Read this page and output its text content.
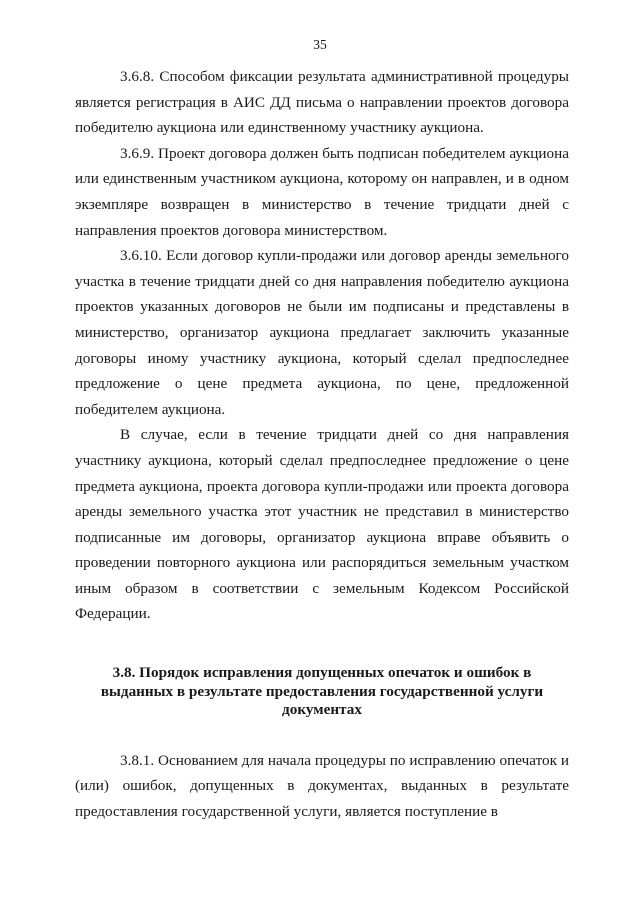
35

3.6.8. Способом фиксации результата административной процедуры является регистрация в АИС ДД письма о направлении проектов договора победителю аукциона или единственному участнику аукциона.

3.6.9. Проект договора должен быть подписан победителем аукциона или единственным участником аукциона, которому он направлен, и в одном экземпляре возвращен в министерство в течение тридцати дней с направления проектов договора министерством.

3.6.10. Если договор купли-продажи или договор аренды земельного участка в течение тридцати дней со дня направления победителю аукциона проектов указанных договоров не были им подписаны и представлены в министерство, организатор аукциона предлагает заключить указанные договоры иному участнику аукциона, который сделал предпоследнее предложение о цене предмета аукциона, по цене, предложенной победителем аукциона.

В случае, если в течение тридцати дней со дня направления участнику аукциона, который сделал предпоследнее предложение о цене предмета аукциона, проекта договора купли-продажи или проекта договора аренды земельного участка этот участник не представил в министерство подписанные им договоры, организатор аукциона вправе объявить о проведении повторного аукциона или распорядиться земельным участком иным образом в соответствии с земельным Кодексом Российской Федерации.

3.8. Порядок исправления допущенных опечаток и ошибок в выданных в результате предоставления государственной услуги документах

3.8.1. Основанием для начала процедуры по исправлению опечаток и (или) ошибок, допущенных в документах, выданных в результате предоставления государственной услуги, является поступление в
